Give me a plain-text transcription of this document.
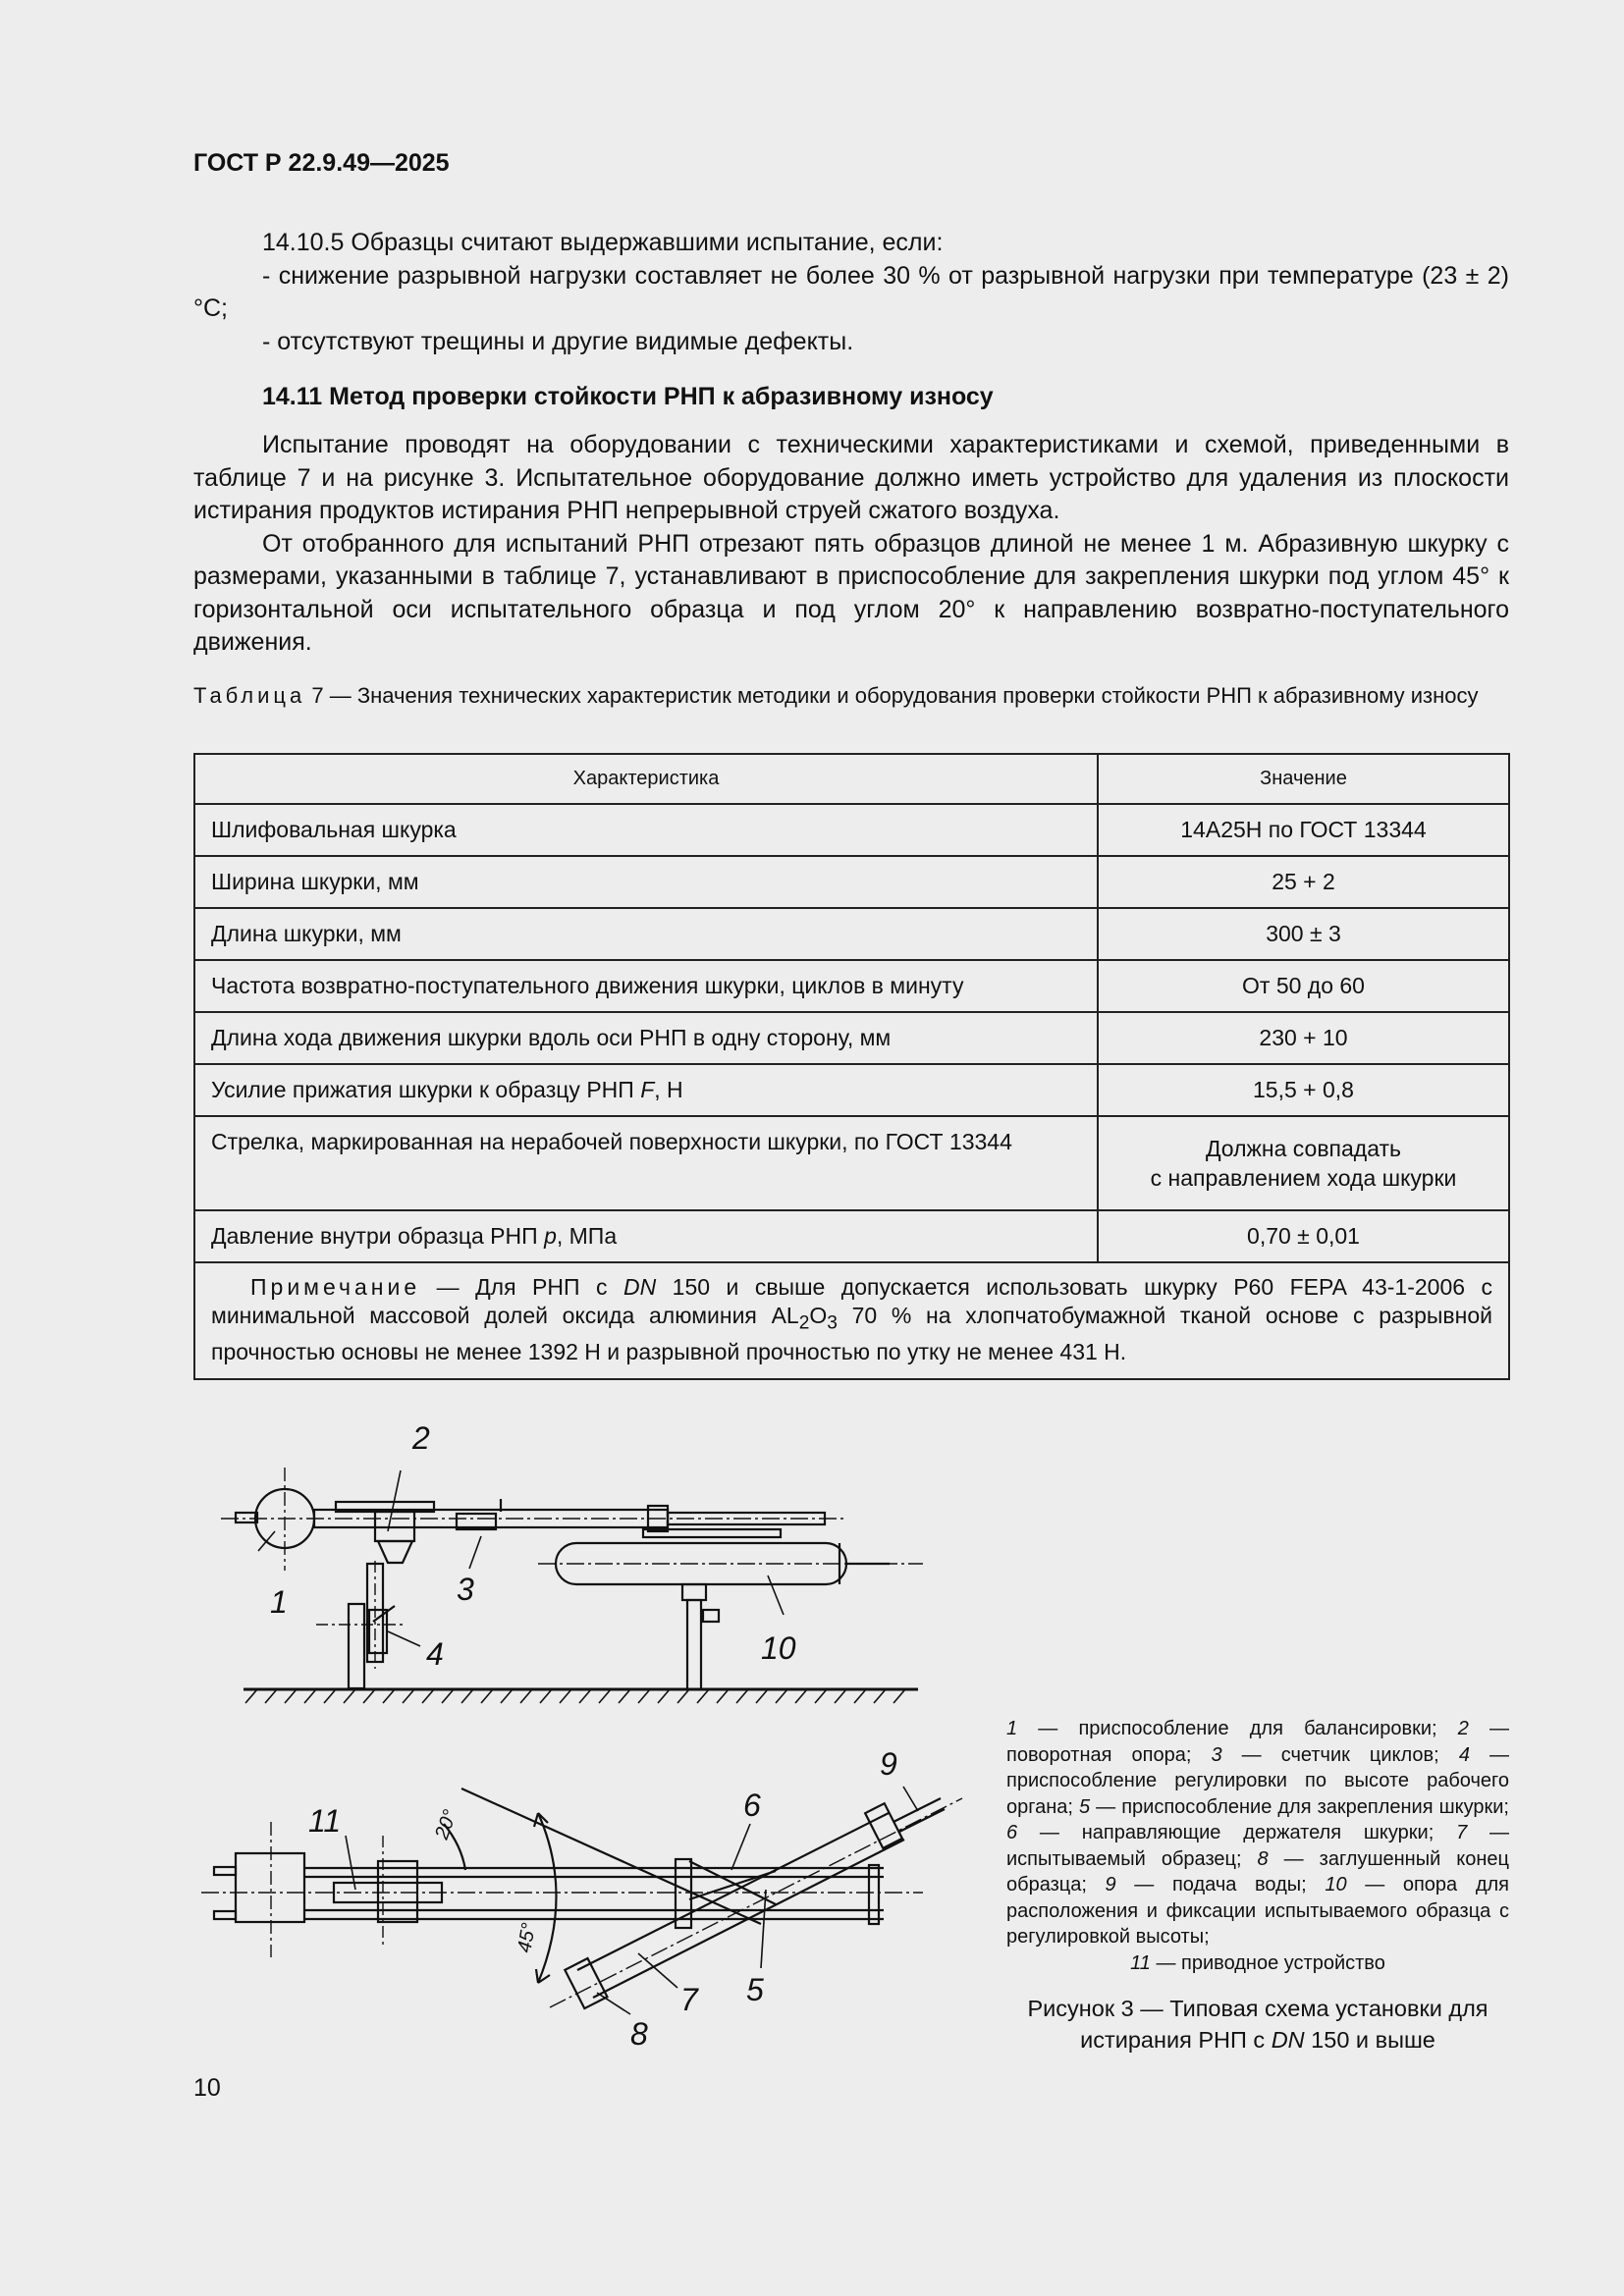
ГОСТ Р 22.9.49—2025

14.10.5 Образцы считают выдержавшими испытание, если:

- снижение разрывной нагрузки составляет не более 30 % от разрывной нагрузки при температуре (23 ± 2) °С;

- отсутствуют трещины и другие видимые дефекты.

14.11 Метод проверки стойкости РНП к абразивному износу

Испытание проводят на оборудовании с техническими характеристиками и схемой, приведенными в таблице 7 и на рисунке 3. Испытательное оборудование должно иметь устройство для удаления из плоскости истирания продуктов истирания РНП непрерывной струей сжатого воздуха.

От отобранного для испытаний РНП отрезают пять образцов длиной не менее 1 м. Абразивную шкурку с размерами, указанными в таблице 7, устанавливают в приспособление для закрепления шкурки под углом 45° к горизонтальной оси испытательного образца и под углом 20° к направлению возвратно-поступательного движения.

Таблица 7 — Значения технических характеристик методики и оборудования проверки стойкости РНП к абразивному износу
Характеристика	Значение
Шлифовальная шкурка	14А25Н по ГОСТ 13344
Ширина шкурки, мм	25 + 2
Длина шкурки, мм	300 ± 3
Частота возвратно-поступательного движения шкурки, циклов в минуту	От 50 до 60
Длина хода движения шкурки вдоль оси РНП в одну сторону, мм	230 + 10
Усилие прижатия шкурки к образцу РНП F, Н	15,5 + 0,8
Стрелка, маркированная на нерабочей поверхности шкурки, по ГОСТ 13344	Должна совпадать
с направлением хода шкурки

Давление внутри образца РНП p, МПа	0,70 ± 0,01
Примечание — Для РНП с DN 150 и свыше допускается использовать шкурку Р60 FEPA 43-1-2006 с минимальной массовой долей оксида алюминия $AL_2O_3$ 70 % на хлопчатобумажной тканой основе с разрывной прочностью основы не менее 1392 Н и разрывной прочностью по утку не менее 431 Н.	
1
2
3
4	10
9
11	6
5
7
8
20°
45°
1 — приспособление для балансировки; 2 — поворотная опора; 3 — счетчик циклов; 4 — приспособление регулировки по высоте рабочего органа; 5 — приспособление для закрепления шкурки; 6 — направляющие держателя шкурки; 7 — испытываемый образец; 8 — заглушенный конец образца; 9 — подача воды; 10 — опора для расположения и фиксации испытываемого образца с регулировкой высоты;
11 — приводное устройство
Рисунок 3 — Типовая схема установки для истирания РНП с DN 150 и выше
10
